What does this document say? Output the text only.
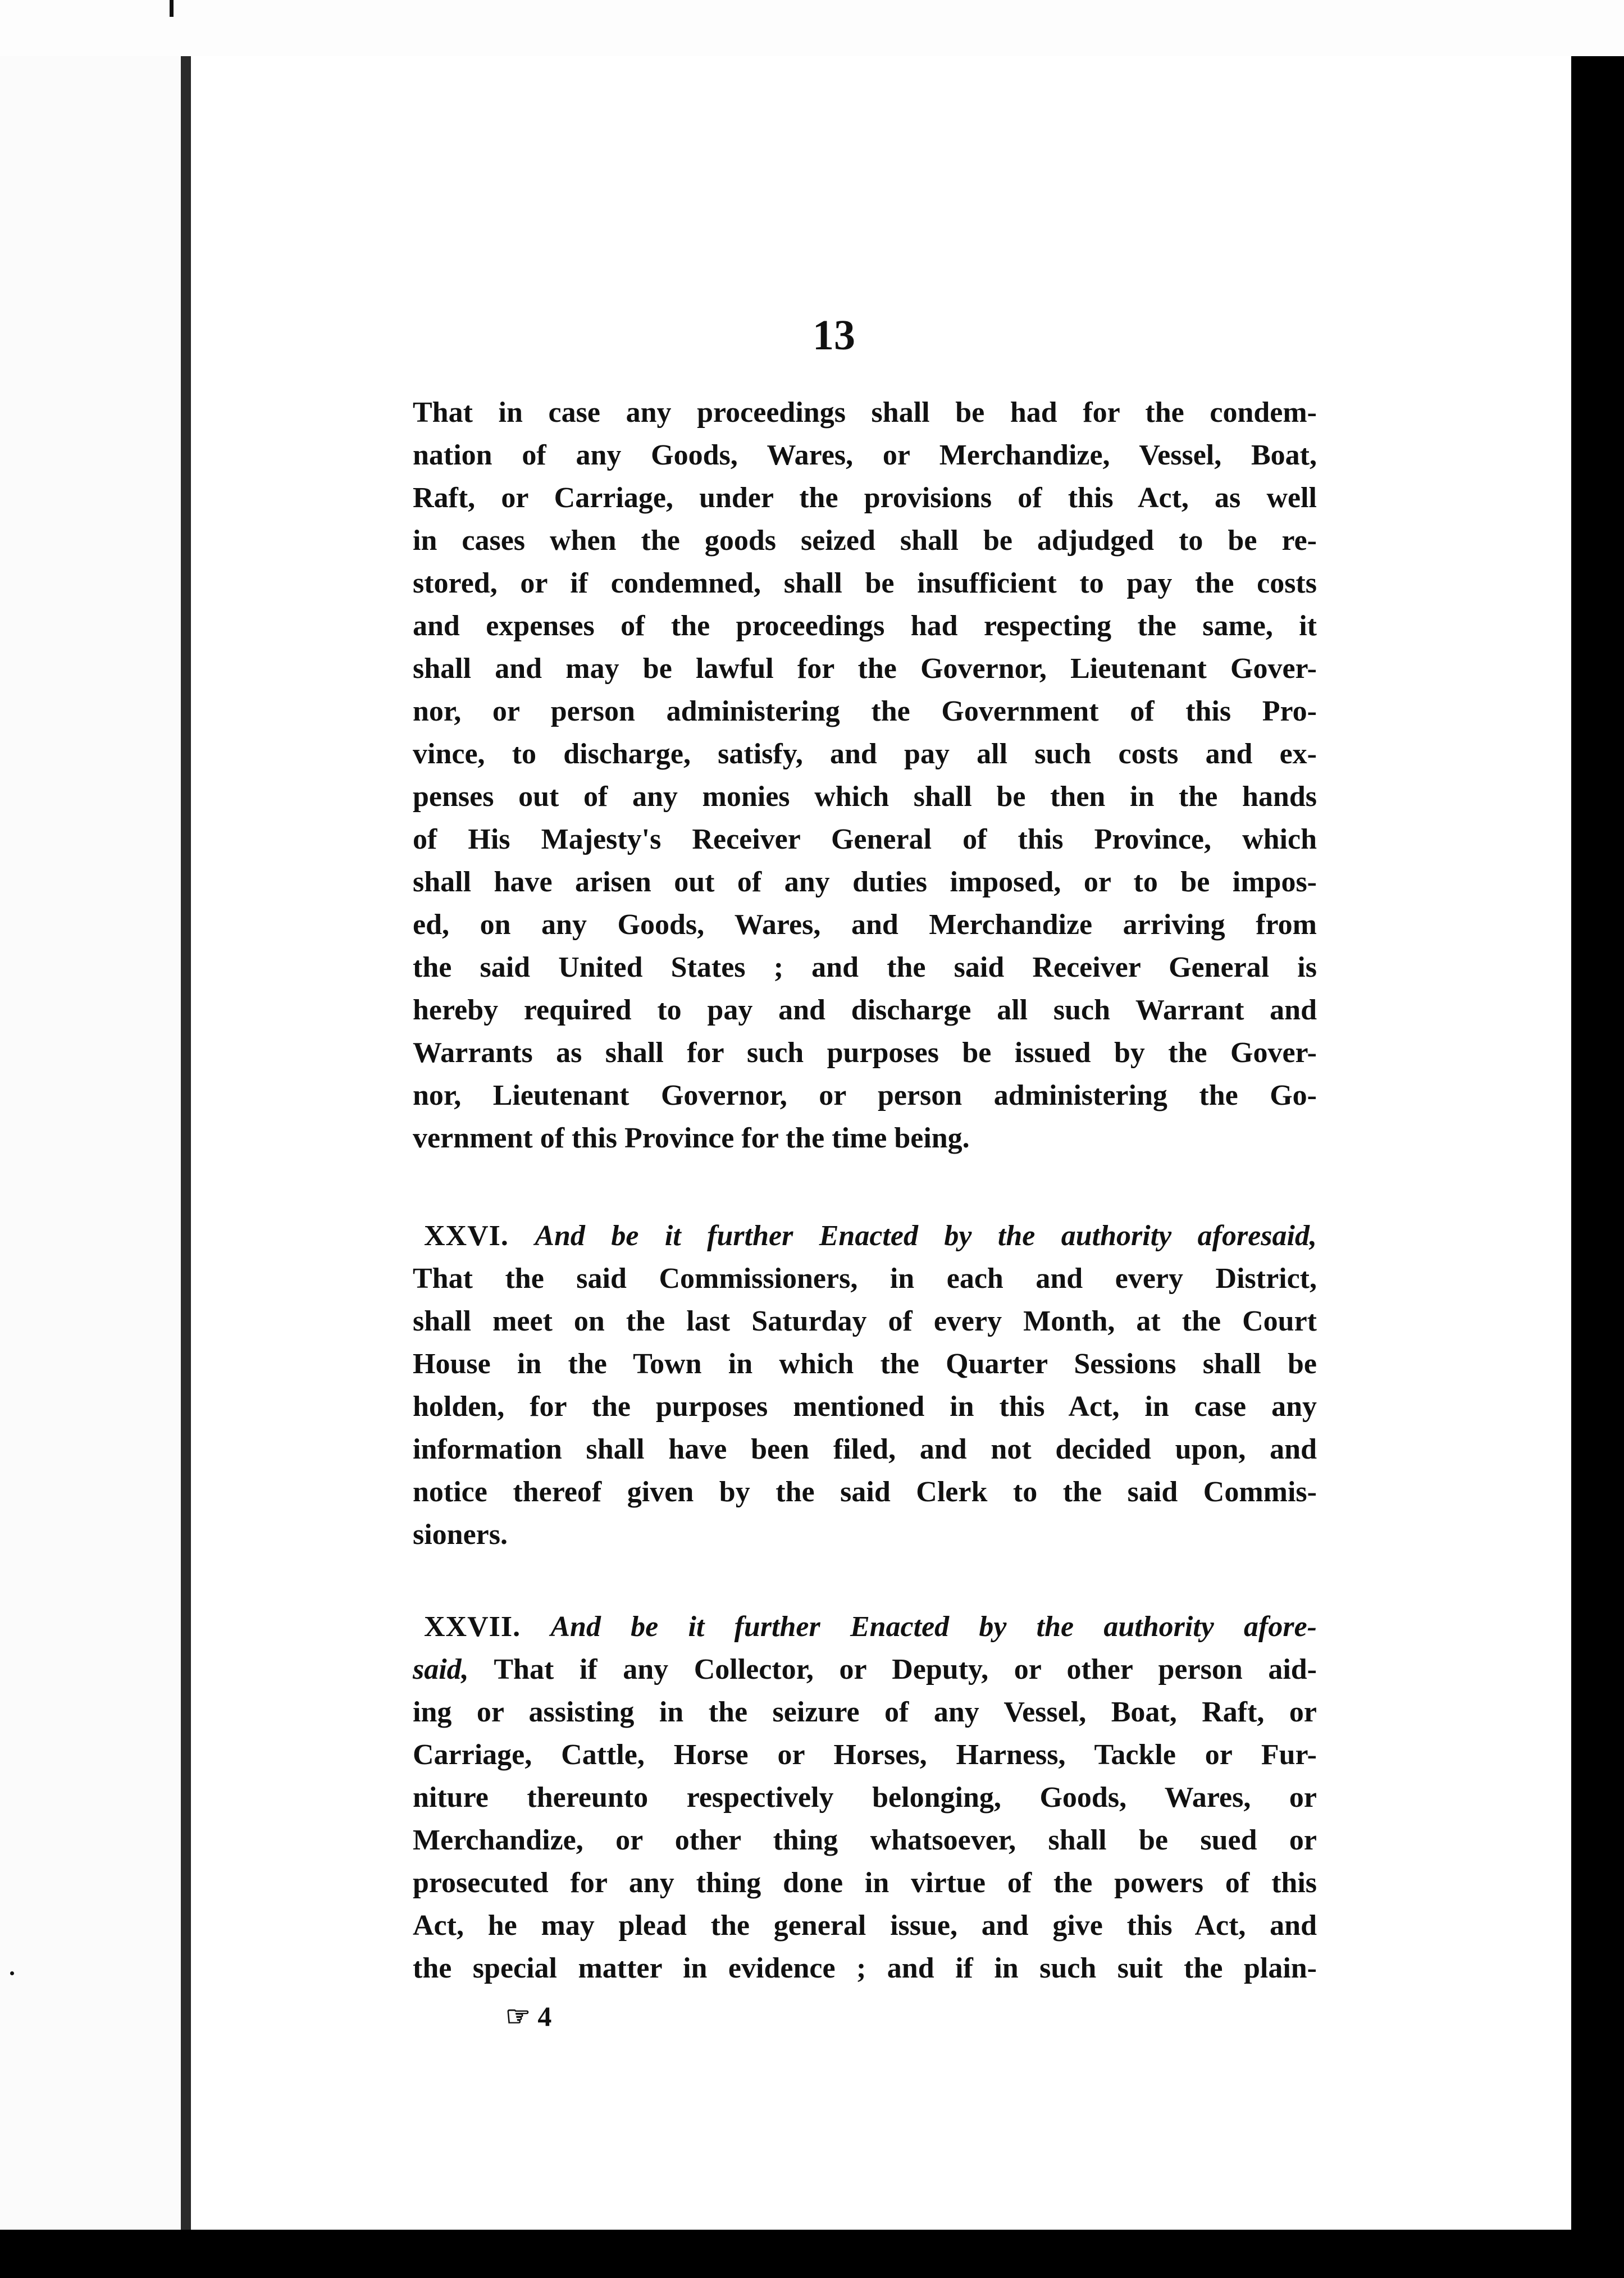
13
That in case any proceedings shall be had for the condem-
nation of any Goods, Wares, or Merchandize, Vessel, Boat,
Raft, or Carriage, under the provisions of this Act, as well
in cases when the goods seized shall be adjudged to be re-
stored, or if condemned, shall be insufficient to pay the costs
and expenses of the proceedings had respecting the same, it
shall and may be lawful for the Governor, Lieutenant Gover-
nor, or person administering the Government of this Pro-
vince, to discharge, satisfy, and pay all such costs and ex-
penses out of any monies which shall be then in the hands
of His Majesty's Receiver General of this Province, which
shall have arisen out of any duties imposed, or to be impos-
ed, on any Goods, Wares, and Merchandize arriving from
the said United States ; and the said Receiver General is
hereby required to pay and discharge all such Warrant and
Warrants as shall for such purposes be issued by the Gover-
nor, Lieutenant Governor, or person administering the Go-
vernment of this Province for the time being.
XXVI. And be it further Enacted by the authority aforesaid,
That the said Commissioners, in each and every District,
shall meet on the last Saturday of every Month, at the Court
House in the Town in which the Quarter Sessions shall be
holden, for the purposes mentioned in this Act, in case any
information shall have been filed, and not decided upon, and
notice thereof given by the said Clerk to the said Commis-
sioners.
XXVII. And be it further Enacted by the authority afore-
said, That if any Collector, or Deputy, or other person aid-
ing or assisting in the seizure of any Vessel, Boat, Raft, or
Carriage, Cattle, Horse or Horses, Harness, Tackle or Fur-
niture thereunto respectively belonging, Goods, Wares, or
Merchandize, or other thing whatsoever, shall be sued or
prosecuted for any thing done in virtue of the powers of this
Act, he may plead the general issue, and give this Act, and
the special matter in evidence ; and if in such suit the plain-
☞ 4
